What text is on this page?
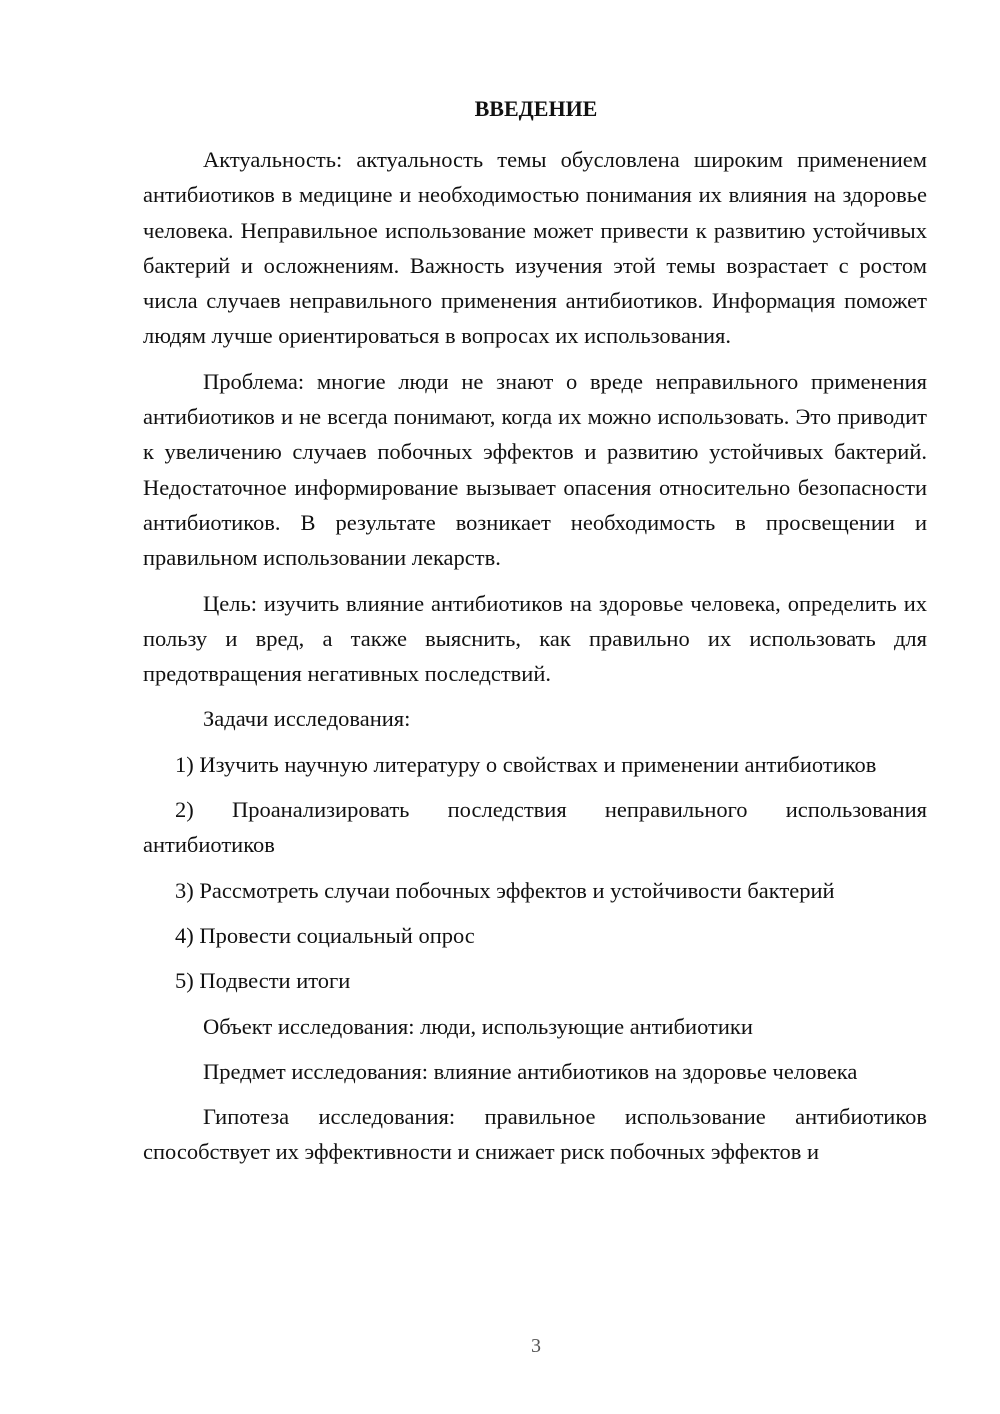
ВВЕДЕНИЕ

Актуальность: актуальность темы обусловлена широким применением антибиотиков в медицине и необходимостью понимания их влияния на здоровье человека. Неправильное использование может привести к развитию устойчивых бактерий и осложнениям. Важность изучения этой темы возрастает с ростом числа случаев неправильного применения антибиотиков. Информация поможет людям лучше ориентироваться в вопросах их использования.

Проблема: многие люди не знают о вреде неправильного применения антибиотиков и не всегда понимают, когда их можно использовать. Это приводит к увеличению случаев побочных эффектов и развитию устойчивых бактерий. Недостаточное информирование вызывает опасения относительно безопасности антибиотиков. В результате возникает необходимость в просвещении и правильном использовании лекарств.

Цель: изучить влияние антибиотиков на здоровье человека, определить их пользу и вред, а также выяснить, как правильно их использовать для предотвращения негативных последствий.

Задачи исследования:

1) Изучить научную литературу о свойствах и применении антибиотиков

2) Проанализировать последствия неправильного использования антибиотиков

3) Рассмотреть случаи побочных эффектов и устойчивости бактерий

4) Провести социальный опрос

5) Подвести итоги

Объект исследования: люди, использующие антибиотики

Предмет исследования: влияние антибиотиков на здоровье человека

Гипотеза исследования: правильное использование антибиотиков способствует их эффективности и снижает риск побочных эффектов и

3
